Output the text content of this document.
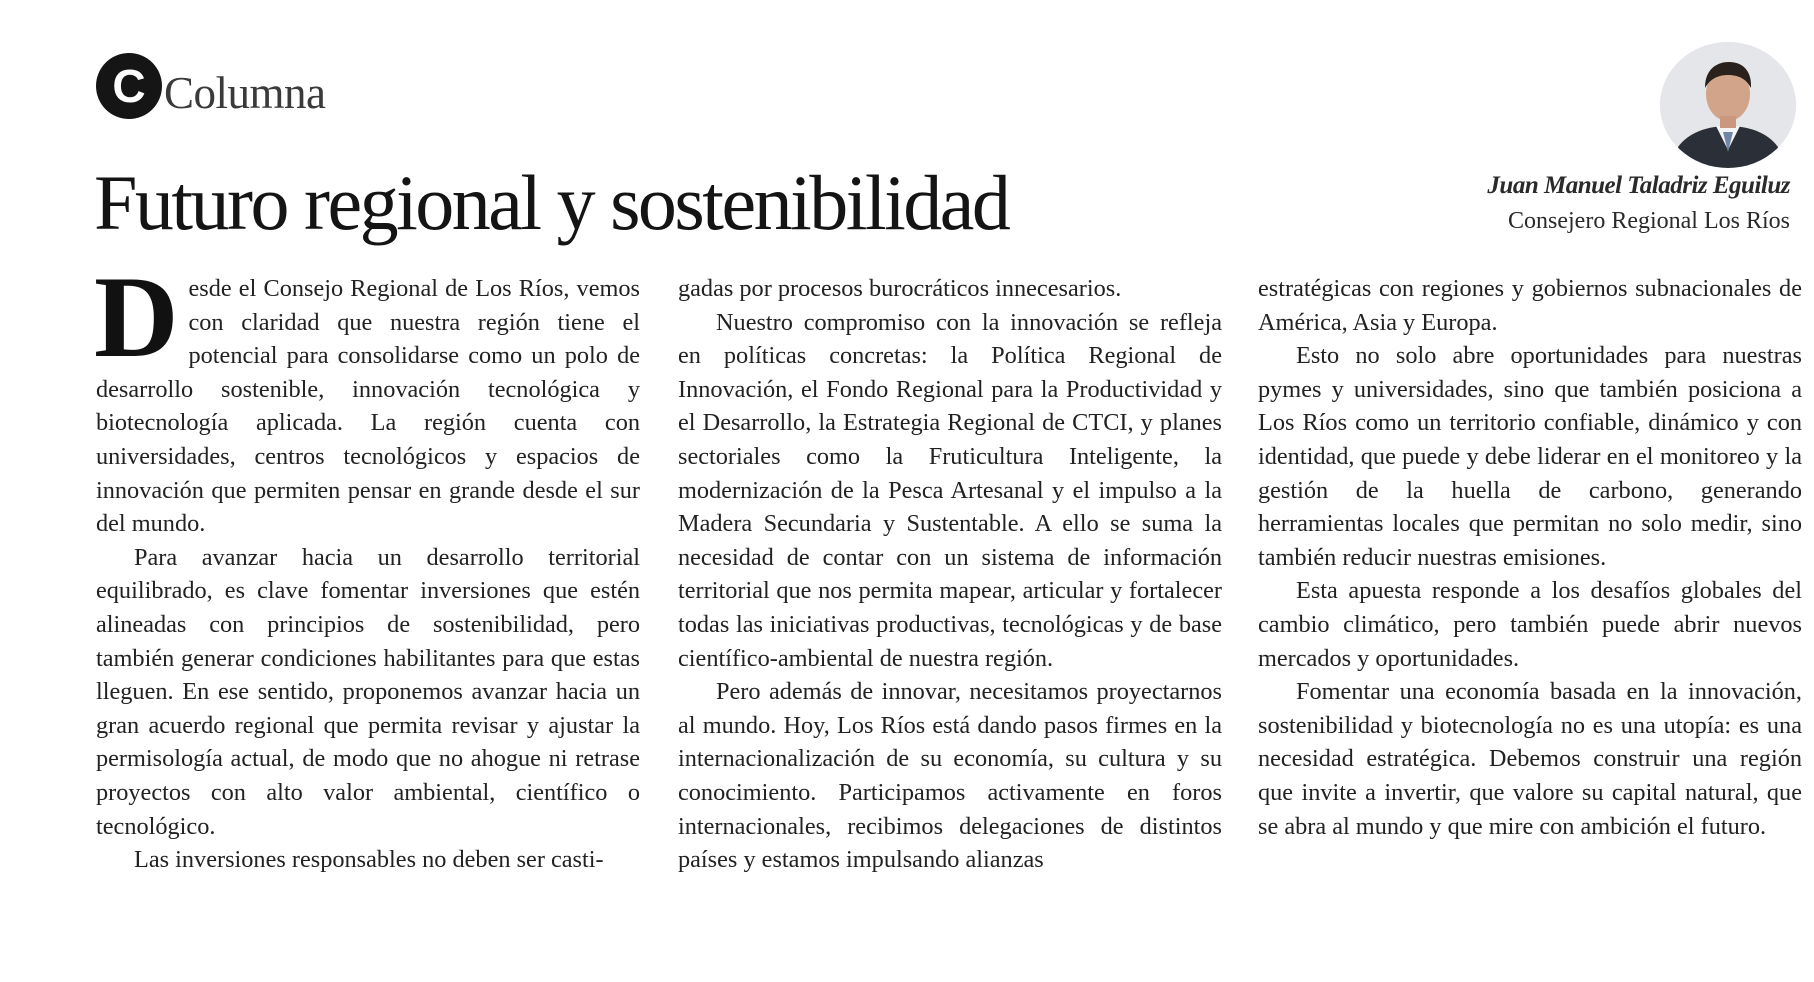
C Columna
Futuro regional y sostenibilidad	Juan Manuel Taladriz Eguiluz
Consejero Regional Los Ríos

Desde el Consejo Regional de Los Ríos, vemos con claridad que nuestra región tiene el potencial para consolidarse como un polo de desarrollo sostenible, innovación tecnológica y biotecnología aplicada. La región cuenta con universidades, centros tecnológicos y espacios de innovación que permiten pensar en grande desde el sur del mundo.

Para avanzar hacia un desarrollo territorial equilibrado, es clave fomentar inversiones que estén alineadas con principios de sostenibilidad, pero también generar condiciones habilitantes para que estas lleguen. En ese sentido, proponemos avanzar hacia un gran acuerdo regional que permita revisar y ajustar la permisología actual, de modo que no ahogue ni retrase proyectos con alto valor ambiental, científico o tecnológico.

Las inversiones responsables no deben ser casti-

gadas por procesos burocráticos innecesarios.

Nuestro compromiso con la innovación se refleja en políticas concretas: la Política Regional de Innovación, el Fondo Regional para la Productividad y el Desarrollo, la Estrategia Regional de CTCI, y planes sectoriales como la Fruticultura Inteligente, la modernización de la Pesca Artesanal y el impulso a la Madera Secundaria y Sustentable. A ello se suma la necesidad de contar con un sistema de información territorial que nos permita mapear, articular y fortalecer todas las iniciativas productivas, tecnológicas y de base científico-ambiental de nuestra región.

Pero además de innovar, necesitamos proyectarnos al mundo. Hoy, Los Ríos está dando pasos firmes en la internacionalización de su economía, su cultura y su conocimiento. Participamos activamente en foros internacionales, recibimos delegaciones de distintos países y estamos impulsando alianzas

estratégicas con regiones y gobiernos subnacionales de América, Asia y Europa.

Esto no solo abre oportunidades para nuestras pymes y universidades, sino que también posiciona a Los Ríos como un territorio confiable, dinámico y con identidad, que puede y debe liderar en el monitoreo y la gestión de la huella de carbono, generando herramientas locales que permitan no solo medir, sino también reducir nuestras emisiones.

Esta apuesta responde a los desafíos globales del cambio climático, pero también puede abrir nuevos mercados y oportunidades.

Fomentar una economía basada en la innovación, sostenibilidad y biotecnología no es una utopía: es una necesidad estratégica. Debemos construir una región que invite a invertir, que valore su capital natural, que se abra al mundo y que mire con ambición el futuro.
